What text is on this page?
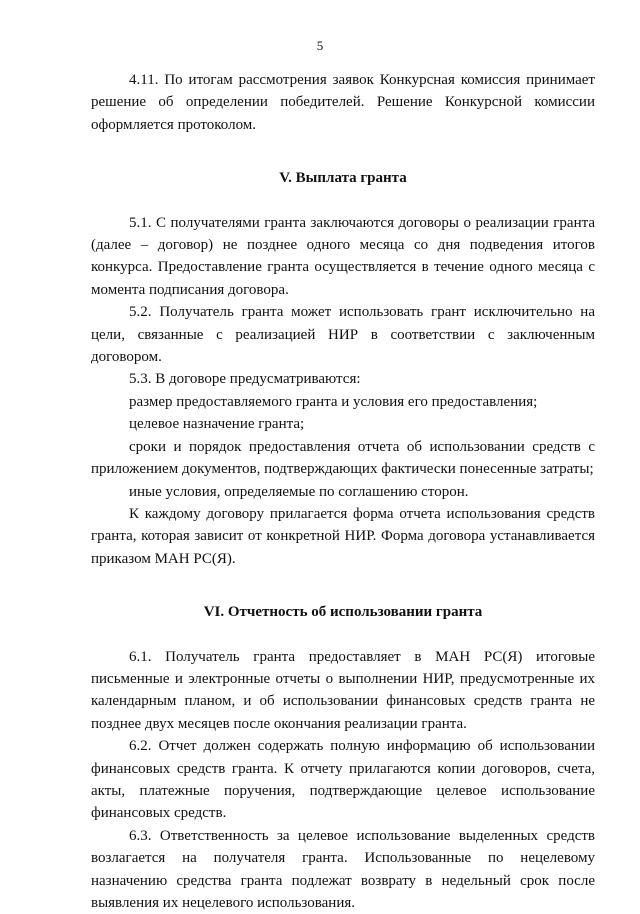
5

4.11. По итогам рассмотрения заявок Конкурсная комиссия принимает решение об определении победителей. Решение Конкурсной комиссии оформляется протоколом.

V. Выплата гранта

5.1. С получателями гранта заключаются договоры о реализации гранта (далее – договор) не позднее одного месяца со дня подведения итогов конкурса. Предоставление гранта осуществляется в течение одного месяца с момента подписания договора.

5.2. Получатель гранта может использовать грант исключительно на цели, связанные с реализацией НИР в соответствии с заключенным договором.

5.3. В договоре предусматриваются:

размер предоставляемого гранта и условия его предоставления;

целевое назначение гранта;

сроки и порядок предоставления отчета об использовании средств с приложением документов, подтверждающих фактически понесенные затраты;

иные условия, определяемые по соглашению сторон.

К каждому договору прилагается форма отчета использования средств гранта, которая зависит от конкретной НИР. Форма договора устанавливается приказом МАН РС(Я).

VI. Отчетность об использовании гранта

6.1. Получатель гранта предоставляет в МАН РС(Я) итоговые письменные и электронные отчеты о выполнении НИР, предусмотренные их календарным планом, и об использовании финансовых средств гранта не позднее двух месяцев после окончания реализации гранта.

6.2. Отчет должен содержать полную информацию об использовании финансовых средств гранта. К отчету прилагаются копии договоров, счета, акты, платежные поручения, подтверждающие целевое использование финансовых средств.

6.3. Ответственность за целевое использование выделенных средств возлагается на получателя гранта. Использованные по нецелевому назначению средства гранта подлежат возврату в недельный срок после выявления их нецелевого использования.
